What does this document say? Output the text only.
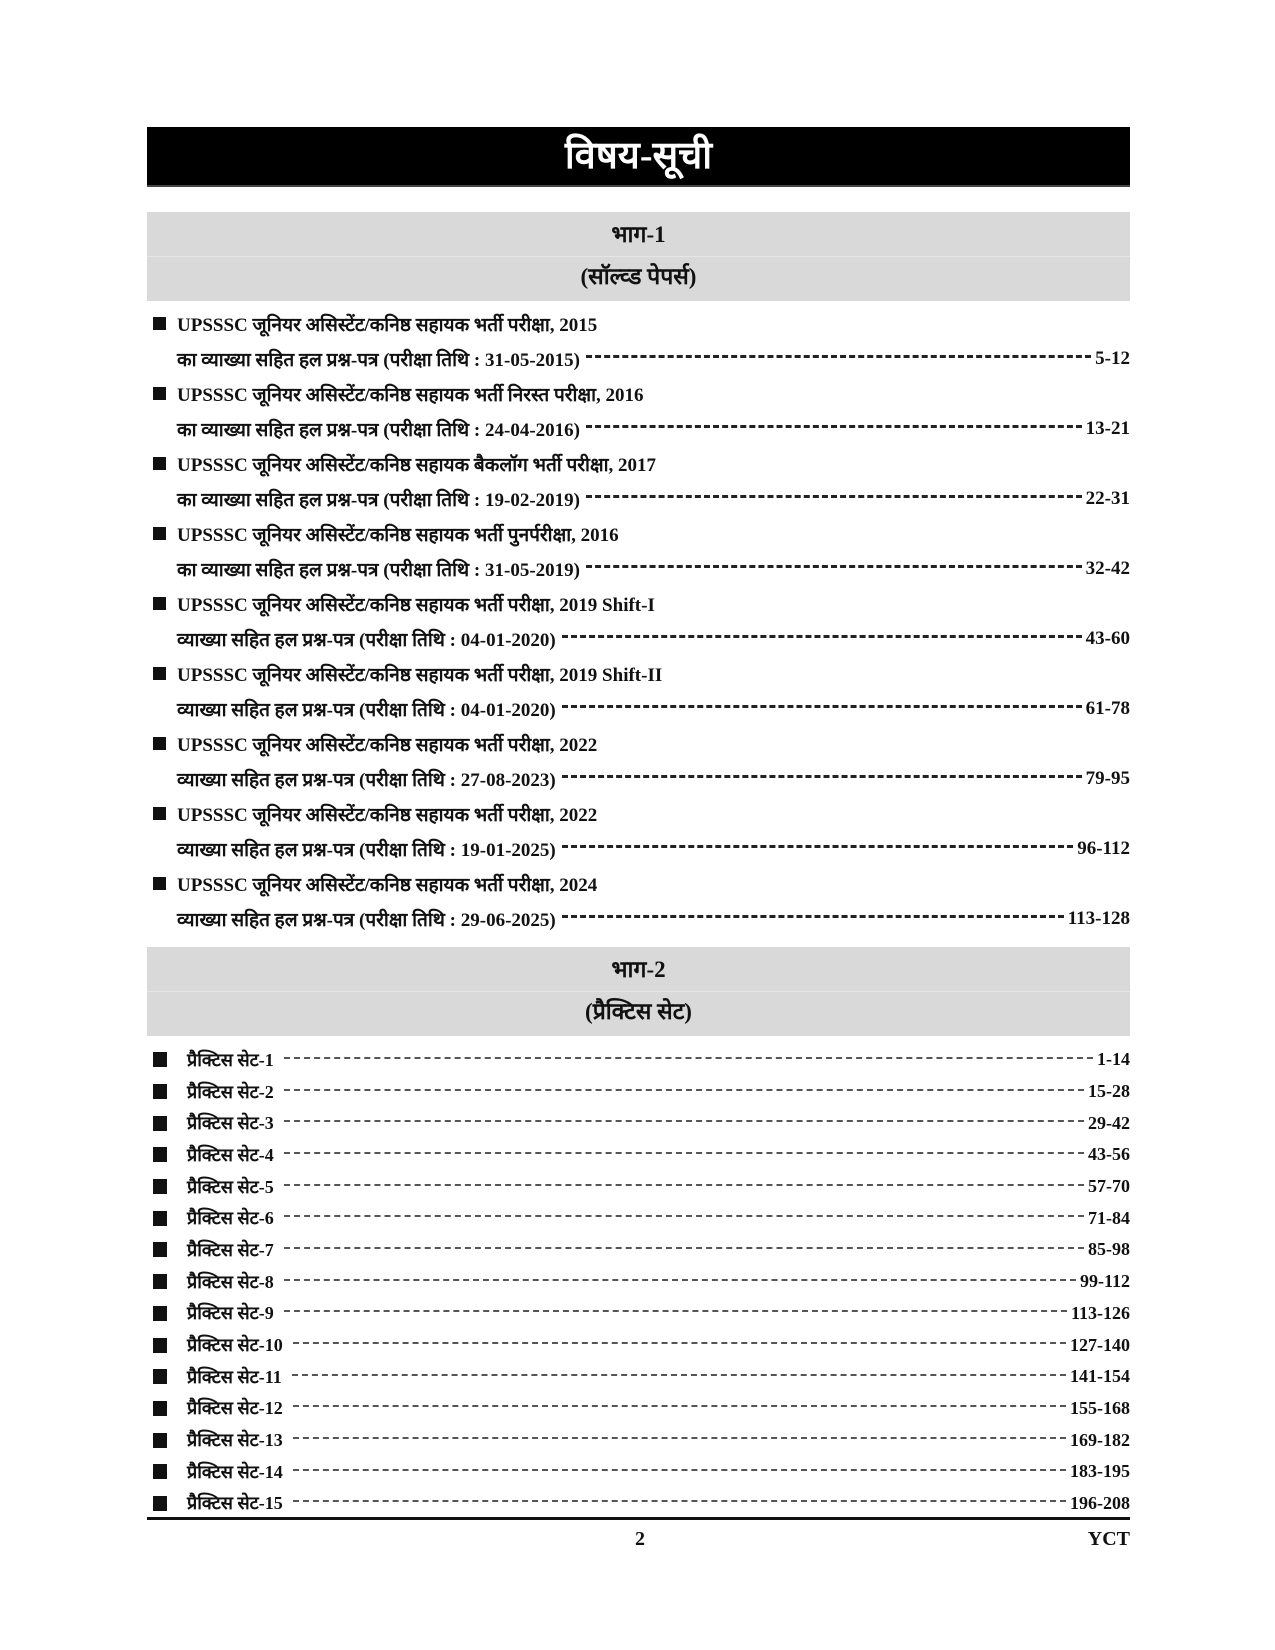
विषय-सूची
भाग-1
(सॉल्व्ड पेपर्स)
UPSSSC जूनियर असिस्टेंट/कनिष्ठ सहायक भर्ती परीक्षा, 2015
का व्याख्या सहित हल प्रश्न-पत्र (परीक्षा तिथि : 31-05-2015)	5-12
UPSSSC जूनियर असिस्टेंट/कनिष्ठ सहायक भर्ती निरस्त परीक्षा, 2016
का व्याख्या सहित हल प्रश्न-पत्र (परीक्षा तिथि : 24-04-2016)	13-21
UPSSSC जूनियर असिस्टेंट/कनिष्ठ सहायक बैकलॉग भर्ती परीक्षा, 2017
का व्याख्या सहित हल प्रश्न-पत्र (परीक्षा तिथि : 19-02-2019)	22-31
UPSSSC जूनियर असिस्टेंट/कनिष्ठ सहायक भर्ती पुनर्परीक्षा, 2016
का व्याख्या सहित हल प्रश्न-पत्र (परीक्षा तिथि : 31-05-2019)	32-42
UPSSSC जूनियर असिस्टेंट/कनिष्ठ सहायक भर्ती परीक्षा, 2019 Shift-I
व्याख्या सहित हल प्रश्न-पत्र (परीक्षा तिथि : 04-01-2020)	43-60
UPSSSC जूनियर असिस्टेंट/कनिष्ठ सहायक भर्ती परीक्षा, 2019 Shift-II
व्याख्या सहित हल प्रश्न-पत्र (परीक्षा तिथि : 04-01-2020)	61-78
UPSSSC जूनियर असिस्टेंट/कनिष्ठ सहायक भर्ती परीक्षा, 2022
व्याख्या सहित हल प्रश्न-पत्र (परीक्षा तिथि : 27-08-2023)	79-95
UPSSSC जूनियर असिस्टेंट/कनिष्ठ सहायक भर्ती परीक्षा, 2022
व्याख्या सहित हल प्रश्न-पत्र (परीक्षा तिथि : 19-01-2025)	96-112
UPSSSC जूनियर असिस्टेंट/कनिष्ठ सहायक भर्ती परीक्षा, 2024
व्याख्या सहित हल प्रश्न-पत्र (परीक्षा तिथि : 29-06-2025)	113-128
भाग-2
(प्रैक्टिस सेट)
प्रैक्टिस सेट-1	1-14
प्रैक्टिस सेट-2	15-28
प्रैक्टिस सेट-3	29-42
प्रैक्टिस सेट-4	43-56
प्रैक्टिस सेट-5	57-70
प्रैक्टिस सेट-6	71-84
प्रैक्टिस सेट-7	85-98
प्रैक्टिस सेट-8	99-112
प्रैक्टिस सेट-9	113-126
प्रैक्टिस सेट-10	127-140
प्रैक्टिस सेट-11	141-154
प्रैक्टिस सेट-12	155-168
प्रैक्टिस सेट-13	169-182
प्रैक्टिस सेट-14	183-195
प्रैक्टिस सेट-15	196-208
2	YCT
